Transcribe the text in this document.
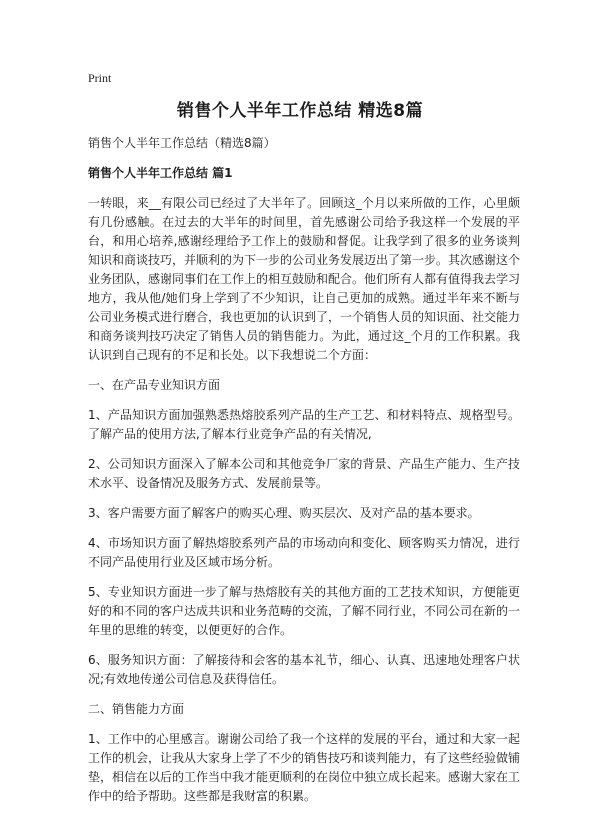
Print
销售个人半年工作总结 精选8篇

销售个人半年工作总结（精选8篇）

销售个人半年工作总结 篇1

一转眼，来__有限公司已经过了大半年了。回顾这_个月以来所做的工作，心里颇有几份感触。在过去的大半年的时间里，首先感谢公司给予我这样一个发展的平台，和用心培养,感谢经理给予工作上的鼓励和督促。让我学到了很多的业务谈判知识和商谈技巧，并顺利的为下一步的公司业务发展迈出了第一步。其次感谢这个业务团队，感谢同事们在工作上的相互鼓励和配合。他们所有人都有值得我去学习地方，我从他/她们身上学到了不少知识，让自己更加的成熟。通过半年来不断与公司业务模式进行磨合，我也更加的认识到了，一个销售人员的知识面、社交能力和商务谈判技巧决定了销售人员的销售能力。为此，通过这_个月的工作积累。我认识到自己现有的不足和长处。以下我想说二个方面：

一、在产品专业知识方面

1、产品知识方面加强熟悉热熔胶系列产品的生产工艺、和材料特点、规格型号。了解产品的使用方法,了解本行业竞争产品的有关情况,

2、公司知识方面深入了解本公司和其他竞争厂家的背景、产品生产能力、生产技术水平、设备情况及服务方式、发展前景等。

3、客户需要方面了解客户的购买心理、购买层次、及对产品的基本要求。

4、市场知识方面了解热熔胶系列产品的市场动向和变化、顾客购买力情况，进行不同产品使用行业及区域市场分析。

5、专业知识方面进一步了解与热熔胶有关的其他方面的工艺技术知识，方便能更好的和不同的客户达成共识和业务范畴的交流，了解不同行业，不同公司在新的一年里的思维的转变，以便更好的合作。

6、服务知识方面：了解接待和会客的基本礼节，细心、认真、迅速地处理客户状况;有效地传递公司信息及获得信任。

二、销售能力方面

1、工作中的心里感言。谢谢公司给了我一个这样的发展的平台，通过和大家一起工作的机会，让我从大家身上学了不少的销售技巧和谈判能力，有了这些经验做铺垫，相信在以后的工作当中我才能更顺利的在岗位中独立成长起来。感谢大家在工作中的给予帮助。这些都是我财富的积累。
